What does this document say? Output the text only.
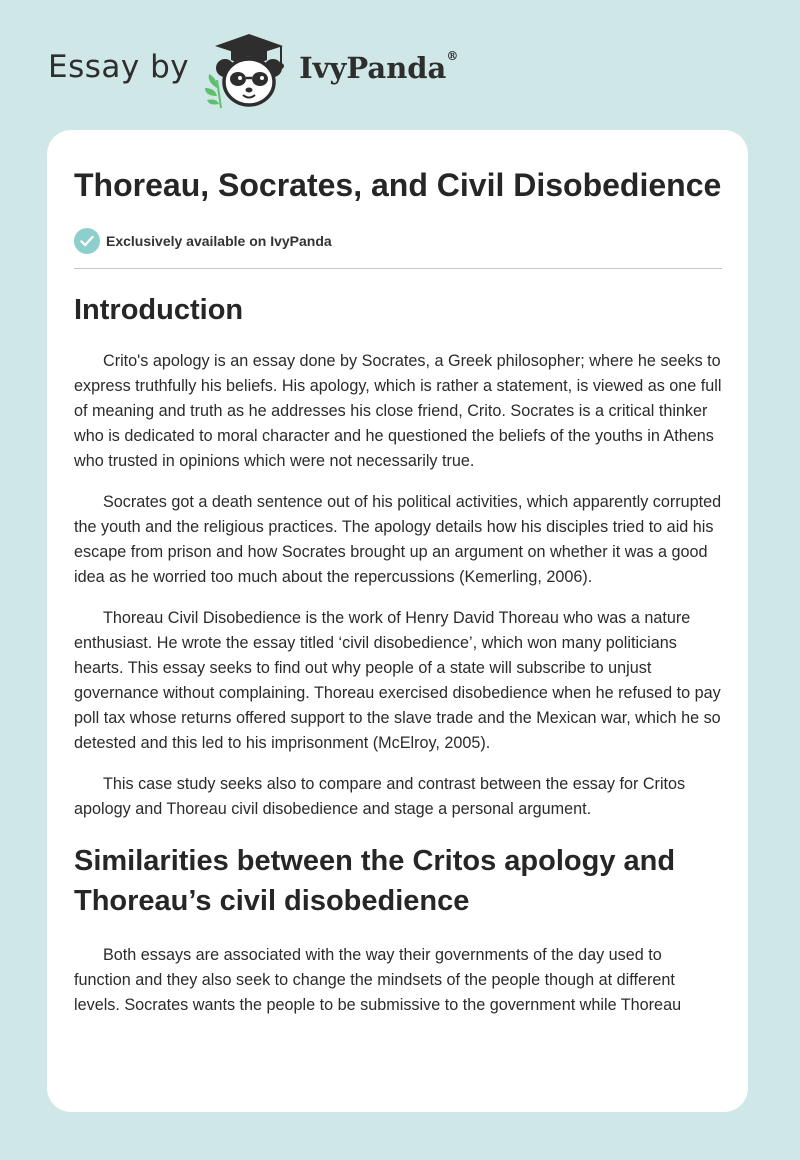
Essay by	IvyPanda®
Thoreau, Socrates, and Civil Disobedience
Exclusively available on IvyPanda
Introduction

Crito's apology is an essay done by Socrates, a Greek philosopher; where he seeks to express truthfully his beliefs. His apology, which is rather a statement, is viewed as one full of meaning and truth as he addresses his close friend, Crito. Socrates is a critical thinker who is dedicated to moral character and he questioned the beliefs of the youths in Athens who trusted in opinions which were not necessarily true.

Socrates got a death sentence out of his political activities, which apparently corrupted the youth and the religious practices. The apology details how his disciples tried to aid his escape from prison and how Socrates brought up an argument on whether it was a good idea as he worried too much about the repercussions (Kemerling, 2006).

Thoreau Civil Disobedience is the work of Henry David Thoreau who was a nature enthusiast. He wrote the essay titled ‘civil disobedience’, which won many politicians hearts. This essay seeks to find out why people of a state will subscribe to unjust governance without complaining. Thoreau exercised disobedience when he refused to pay poll tax whose returns offered support to the slave trade and the Mexican war, which he so detested and this led to his imprisonment (McElroy, 2005).

This case study seeks also to compare and contrast between the essay for Critos apology and Thoreau civil disobedience and stage a personal argument.

Similarities between the Critos apology and Thoreau’s civil disobedience

Both essays are associated with the way their governments of the day used to function and they also seek to change the mindsets of the people though at different levels. Socrates wants the people to be submissive to the government while Thoreau
